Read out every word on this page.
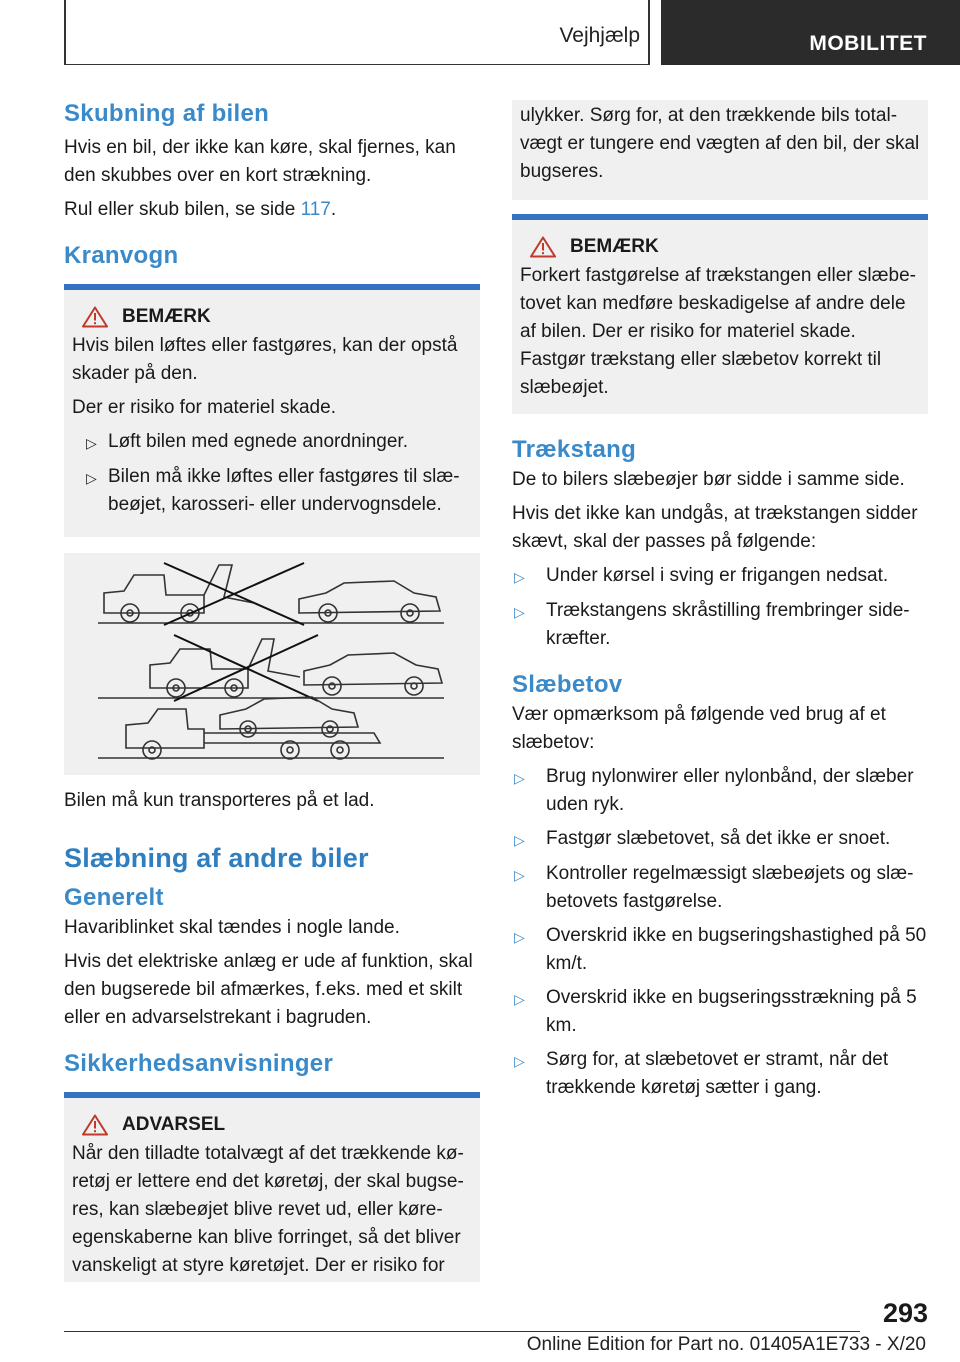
Vejhjælp	MOBILITET
Skubning af bilen
Hvis en bil, der ikke kan køre, skal fjernes, kan den skubbes over en kort strækning.
Rul eller skub bilen, se side 117.
Kranvogn
BEMÆRK
Hvis bilen løftes eller fastgøres, kan der opstå skader på den.
Der er risiko for materiel skade.
▷ Løft bilen med egnede anordninger.
▷ Bilen må ikke løftes eller fastgøres til slæbeøjet, karosseri- eller undervognsdele.
Bilen må kun transporteres på et lad.
Slæbning af andre biler
Generelt
Havariblinket skal tændes i nogle lande.
Hvis det elektriske anlæg er ude af funktion, skal den bugserede bil afmærkes, f.eks. med et skilt eller en advarselstrekant i bagruden.
Sikkerhedsanvisninger
ADVARSEL
Når den tilladte totalvægt af det trækkende køretøj er lettere end det køretøj, der skal bugseres, kan slæbeøjet blive revet ud, eller køreegenskaberne kan blive forringet, så det bliver vanskeligt at styre køretøjet. Der er risiko for
ulykker. Sørg for, at den trækkende bils totalvægt er tungere end vægten af den bil, der skal bugseres.
BEMÆRK
Forkert fastgørelse af trækstangen eller slæbetovet kan medføre beskadigelse af andre dele af bilen. Der er risiko for materiel skade. Fastgør trækstang eller slæbetov korrekt til slæbeøjet.
Trækstang
De to bilers slæbeøjer bør sidde i samme side.
Hvis det ikke kan undgås, at trækstangen sidder skævt, skal der passes på følgende:
▷	Under kørsel i sving er frigangen nedsat.
▷	Trækstangens skråstilling frembringer sidekræfter.
Slæbetov
Vær opmærksom på følgende ved brug af et slæbetov:
▷	Brug nylonwirer eller nylonbånd, der slæber uden ryk.
▷	Fastgør slæbetovet, så det ikke er snoet.
▷	Kontroller regelmæssigt slæbeøjets og slæbetovets fastgørelse.
▷	Overskrid ikke en bugseringshastighed på 50 km/t.
▷	Overskrid ikke en bugseringsstrækning på 5 km.
▷	Sørg for, at slæbetovet er stramt, når det trækkende køretøj sætter i gang.
293
Online Edition for Part no. 01405A1E733 - X/20
